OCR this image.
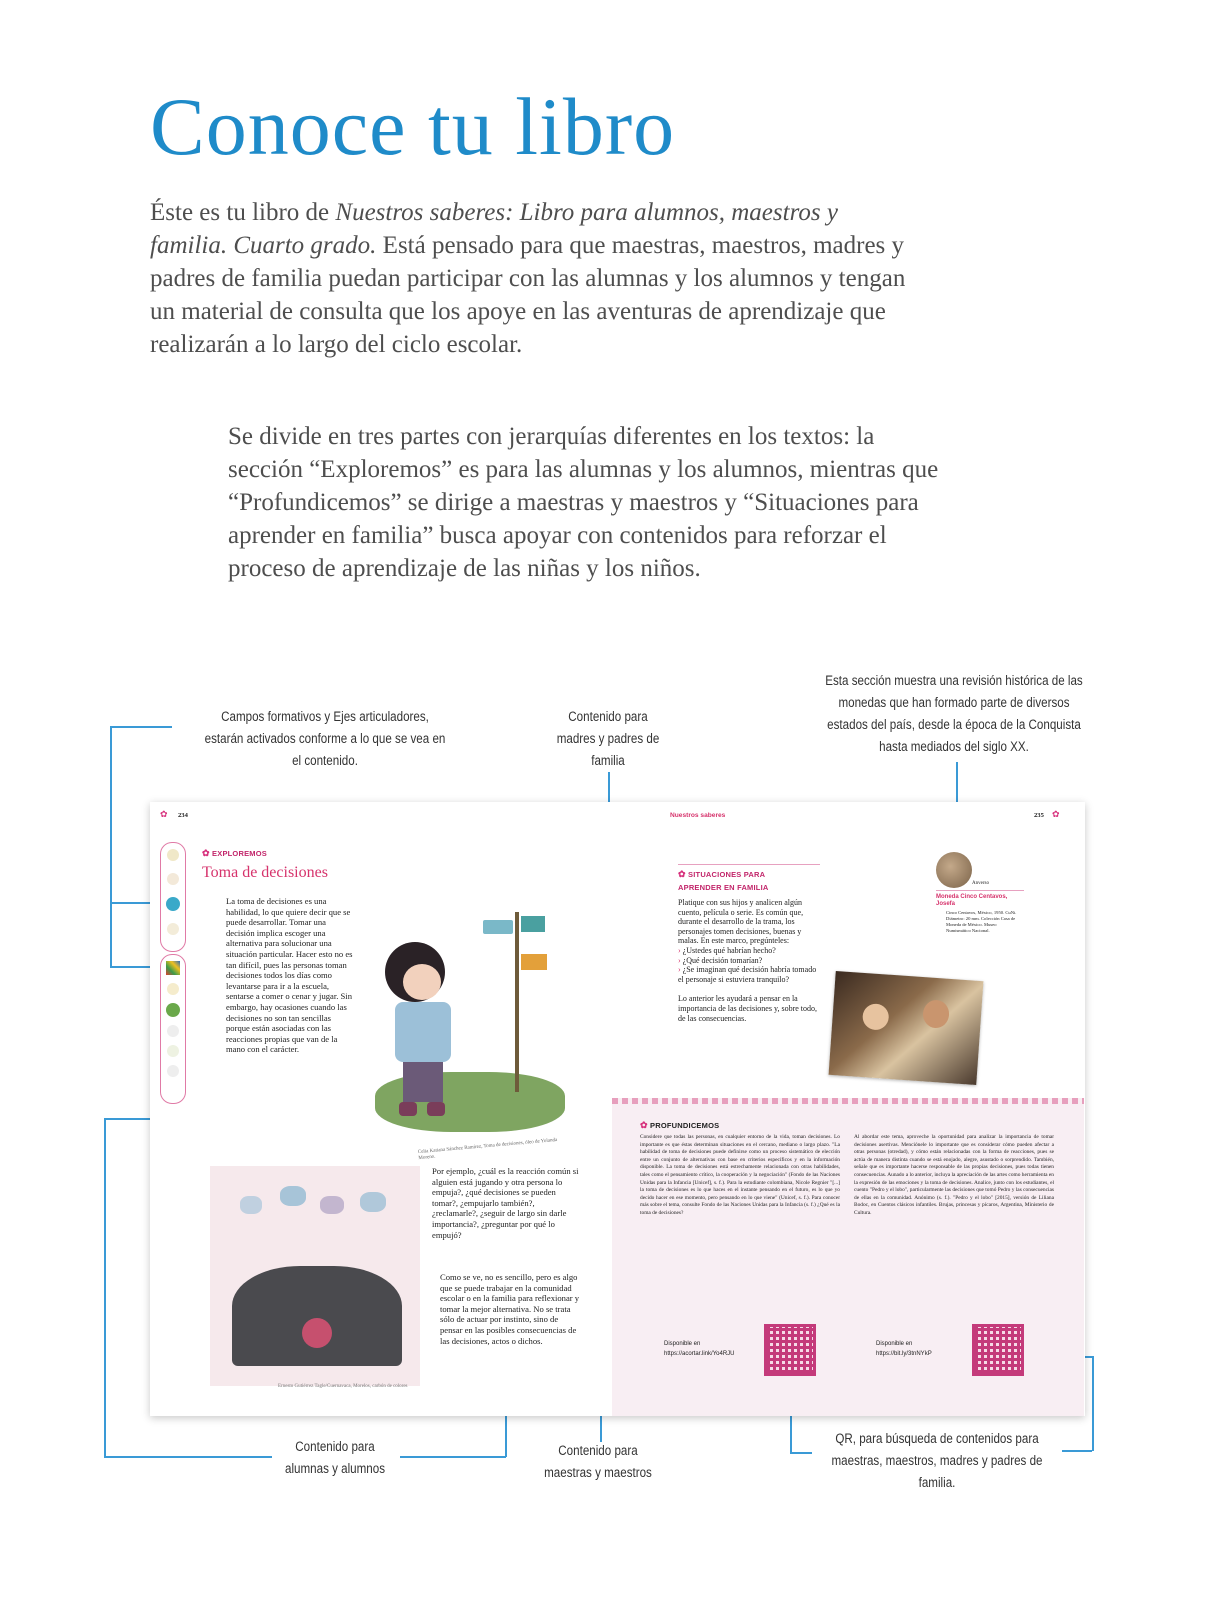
Conoce tu libro
Éste es tu libro de Nuestros saberes: Libro para alumnos, maestros y familia. Cuarto grado. Está pensado para que maestras, maestros, madres y padres de familia puedan participar con las alumnas y los alumnos y tengan un material de consulta que los apoye en las aventuras de aprendizaje que realizarán a lo largo del ciclo escolar.
Se divide en tres partes con jerarquías diferentes en los textos: la sección “Exploremos” es para las alumnas y los alumnos, mientras que “Profundicemos” se dirige a maestras y maestros y “Situaciones para aprender en familia” busca apoyar con contenidos para reforzar el proceso de aprendizaje de las niñas y los niños.
Campos formativos y Ejes articuladores, estarán activados conforme a lo que se vea en el contenido.
Contenido para madres y padres de familia
Esta sección muestra una revisión histórica de las monedas que han formado parte de diversos estados del país, desde la época de la Conquista hasta mediados del siglo XX.
Contenido para alumnas y alumnos
Contenido para maestras y maestros
QR, para búsqueda de contenidos para maestras, maestros, madres y padres de familia.
✿ 234	Nuestros saberes	235 ✿
✿ EXPLOREMOS
Toma de decisiones
La toma de decisiones es una habilidad, lo que quiere decir que se puede desarrollar. Tomar una decisión implica escoger una alternativa para solucionar una situación particular. Hacer esto no es tan difícil, pues las personas toman decisiones todos los días como levantarse para ir a la escuela, sentarse a comer o cenar y jugar. Sin embargo, hay ocasiones cuando las decisiones no son tan sencillas porque están asociadas con las reacciones propias que van de la mano con el carácter.
Celia Katiana Sánchez Ramírez, Toma de decisiones, óleo de Yolanda Moreno.
Ernesto Gutiérrez Tagle/Cuernavaca, Morelos, carbón de colores
Por ejemplo, ¿cuál es la reacción común si alguien está jugando y otra persona lo empuja?, ¿qué decisiones se pueden tomar?, ¿empujarlo también?, ¿reclamarle?, ¿seguir de largo sin darle importancia?, ¿preguntar por qué lo empujó?
Como se ve, no es sencillo, pero es algo que se puede trabajar en la comunidad escolar o en la familia para reflexionar y tomar la mejor alternativa. No se trata sólo de actuar por instinto, sino de pensar en las posibles consecuencias de las decisiones, actos o dichos.
✿ SITUACIONES PARA
APRENDER EN FAMILIA
Platique con sus hijos y analicen algún cuento, película o serie. Es común que, durante el desarrollo de la trama, los personajes tomen decisiones, buenas y malas. En este marco, pregúnteles:
› ¿Ustedes qué habrían hecho?
› ¿Qué decisión tomarían?
› ¿Se imaginan qué decisión habría tomado el personaje si estuviera tranquilo?
Lo anterior les ayudará a pensar en la importancia de las decisiones y, sobre todo, de las consecuencias.
Anverso
Moneda Cinco Centavos, Josefa
Cinco Centavos, México, 1950. CuNi. Diámetro: 20 mm. Colección Casa de Moneda de México. Museo Numismático Nacional.
✿ PROFUNDICEMOS
Considere que todas las personas, en cualquier entorno de la vida, toman decisiones. Lo importante es que éstas determinan situaciones en el cercano, mediano o largo plazo. "La habilidad de toma de decisiones puede definirse como un proceso sistemático de elección entre un conjunto de alternativas con base en criterios específicos y en la información disponible. La toma de decisiones está estrechamente relacionada con otras habilidades, tales como el pensamiento crítico, la cooperación y la negociación" (Fondo de las Naciones Unidas para la Infancia [Unicef], s. f.). Para la estudiante colombiana, Nicole Regnier "[...] la toma de decisiones es lo que haces en el instante pensando en el futuro, es lo que yo decido hacer en ese momento, pero pensando en lo que viene" (Unicef, s. f.). Para conocer más sobre el tema, consulte Fondo de las Naciones Unidas para la Infancia (s. f.) ¿Qué es la toma de decisiones?
Al abordar este tema, aproveche la oportunidad para analizar la importancia de tomar decisiones asertivas. Menciónele lo importante que es considerar cómo pueden afectar a otras personas (otredad), y cómo están relacionadas con la forma de reacciones, pues se actúa de manera distinta cuando se está enojado, alegre, asustado o sorprendido. También, señale que es importante hacerse responsable de las propias decisiones, pues todas tienen consecuencias. Aunado a lo anterior, incluya la apreciación de las artes como herramienta en la expresión de las emociones y la toma de decisiones. Analice, junto con los estudiantes, el cuento "Pedro y el lobo", particularmente las decisiones que tomó Pedro y las consecuencias de ellas en la comunidad. Anónimo (s. f.). "Pedro y el lobo" [2015], versión de Liliana Bodoc, en Cuentos clásicos infantiles. Brujas, princesas y pícaros, Argentina, Ministerio de Cultura.
Disponible en
https://acortar.link/Yo4RJU
Disponible en
https://bit.ly/3tnNYkP
